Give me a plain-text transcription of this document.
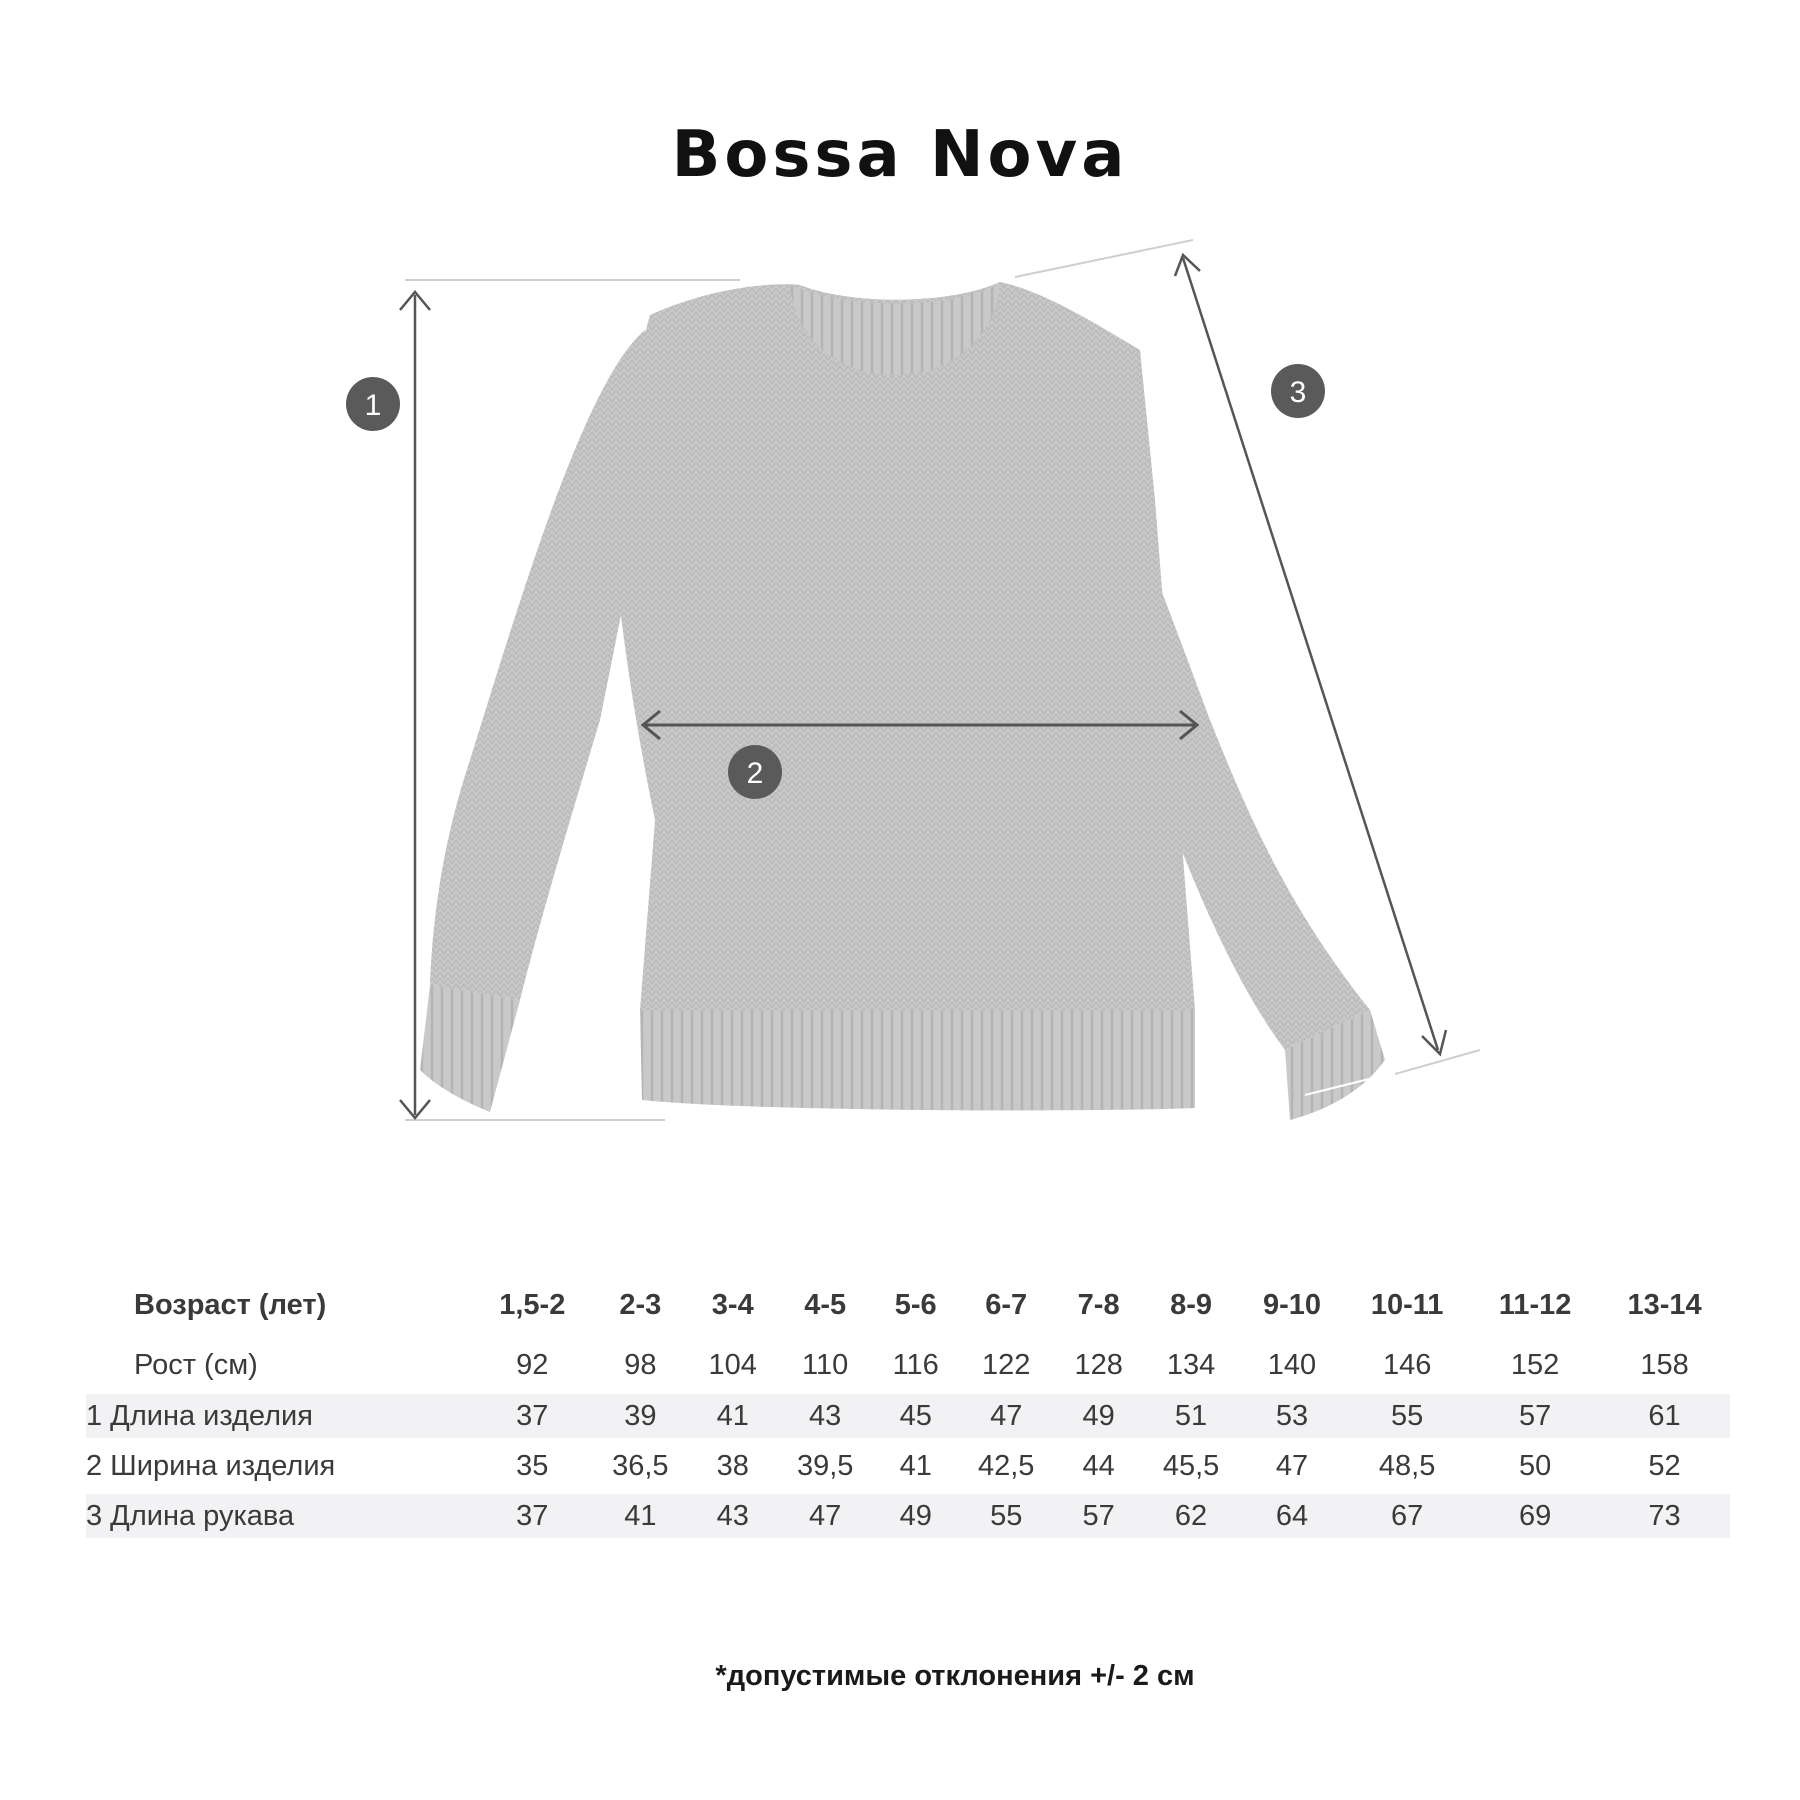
Bossa Nova
1
2
3
Возраст (лет)	1,5-2	2-3	3-4	4-5	5-6	6-7	7-8	8-9	9-10	10-11	11-12	13-14
Рост (см)	92	98	104	110	116	122	128	134	140	146	152	158
1 Длина изделия	37	39	41	43	45	47	49	51	53	55	57	61

2 Ширина изделия	35	36,5	38	39,5	41	42,5	44	45,5	47	48,5	50	52

3 Длина рукава	37	41	43	47	49	55	57	62	64	67	69	73
*допустимые отклонения +/- 2 см
